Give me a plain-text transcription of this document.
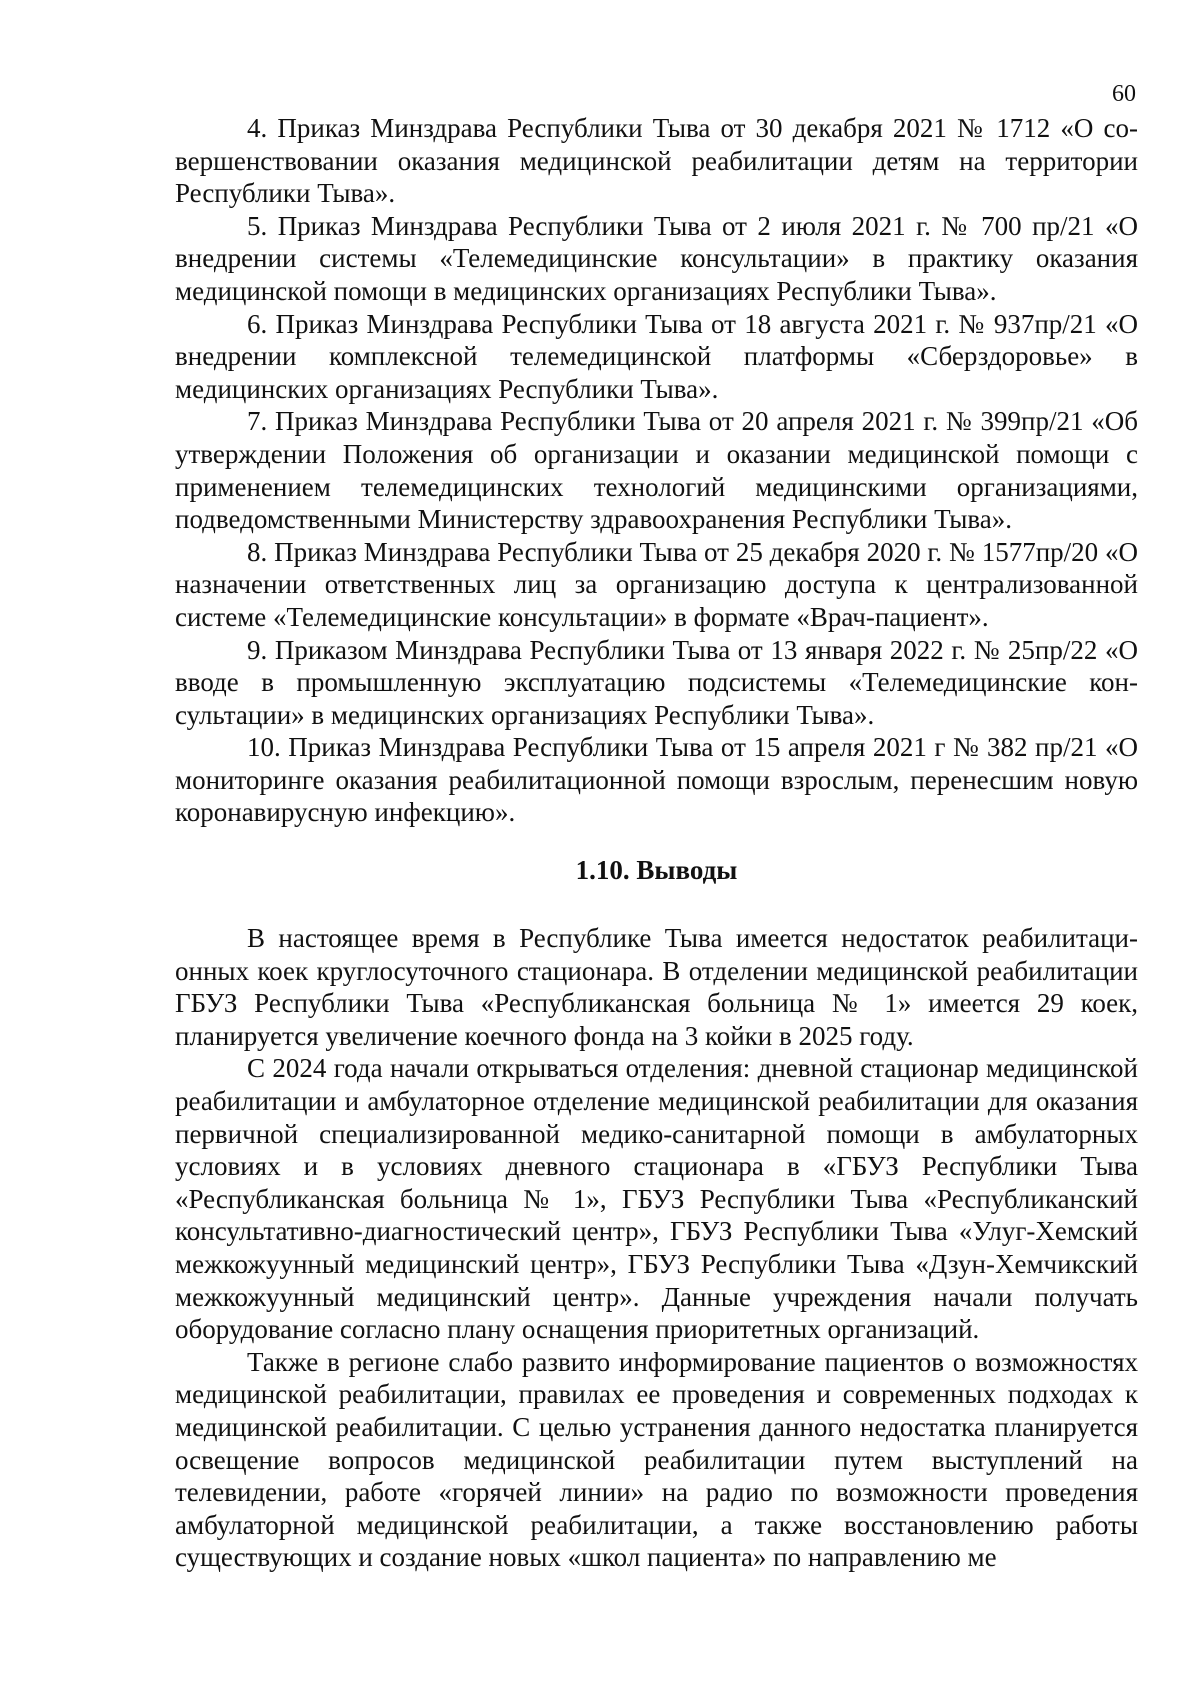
60

4. Приказ Минздрава Республики Тыва от 30 декабря 2021 № 1712 «О совершенствовании оказания медицинской реабилитации детям на территории Республики Тыва».

5. Приказ Минздрава Республики Тыва от 2 июля 2021 г. № 700 пр/21 «О внедрении системы «Телемедицинские консультации» в практику оказания медицинской помощи в медицинских организациях Республики Тыва».

6. Приказ Минздрава Республики Тыва от 18 августа 2021 г. № 937пр/21 «О внедрении комплексной телемедицинской платформы «Сберздоровье» в медицинских организациях Республики Тыва».

7. Приказ Минздрава Республики Тыва от 20 апреля 2021 г. № 399пр/21 «Об утверждении Положения об организации и оказании медицинской помощи с применением телемедицинских технологий медицинскими организациями, подведомственными Министерству здравоохранения Республики Тыва».

8. Приказ Минздрава Республики Тыва от 25 декабря 2020 г. № 1577пр/20 «О назначении ответственных лиц за организацию доступа к централизованной системе «Телемедицинские консультации» в формате «Врач-пациент».

9. Приказом Минздрава Республики Тыва от 13 января 2022 г. № 25пр/22 «О вводе в промышленную эксплуатацию подсистемы «Телемедицинские консультации» в медицинских организациях Республики Тыва».

10. Приказ Минздрава Республики Тыва от 15 апреля 2021 г № 382 пр/21 «О мониторинге оказания реабилитационной помощи взрослым, перенесшим новую коронавирусную инфекцию».

1.10. Выводы

В настоящее время в Республике Тыва имеется недостаток реабилитационных коек круглосуточного стационара. В отделении медицинской реабилитации ГБУЗ Республики Тыва «Республиканская больница № 1» имеется 29 коек, планируется увеличение коечного фонда на 3 койки в 2025 году.

С 2024 года начали открываться отделения: дневной стационар медицинской реабилитации и амбулаторное отделение медицинской реабилитации для оказания первичной специализированной медико-санитарной помощи в амбулаторных условиях и в условиях дневного стационара в «ГБУЗ Республики Тыва «Республиканская больница № 1», ГБУЗ Республики Тыва «Республиканский консультативно-диагностический центр», ГБУЗ Республики Тыва «Улуг-Хемский межкожуунный медицинский центр», ГБУЗ Республики Тыва «Дзун-Хемчикский межкожуунный медицинский центр». Данные учреждения начали получать оборудование согласно плану оснащения приоритетных организаций.

Также в регионе слабо развито информирование пациентов о возможностях медицинской реабилитации, правилах ее проведения и современных подходах к медицинской реабилитации. С целью устранения данного недостатка планируется освещение вопросов медицинской реабилитации путем выступлений на телевидении, работе «горячей линии» на радио по возможности проведения амбулаторной медицинской реабилитации, а также восстановлению работы существующих и создание новых «школ пациента» по направлению ме
